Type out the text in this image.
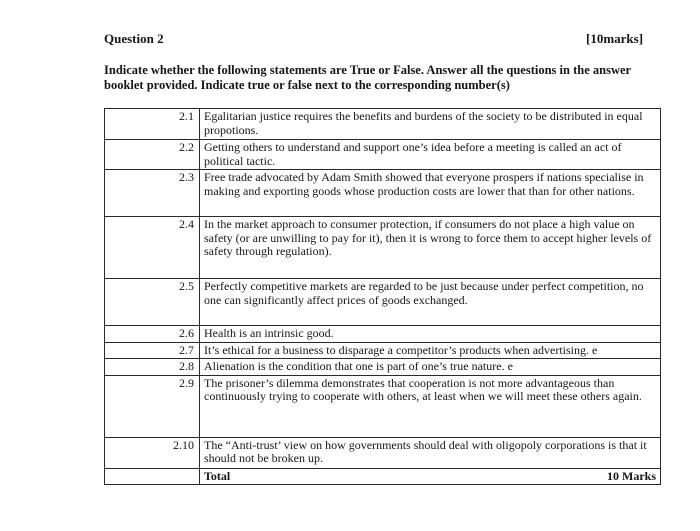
Question 2	[10marks]
Indicate whether the following statements are True or False. Answer all the questions in the answer booklet provided. Indicate true or false next to the corresponding number(s)
2.1	Egalitarian justice requires the benefits and burdens of the society to be distributed in equal propotions.
2.2	Getting others to understand and support one’s idea before a meeting is called an act of political tactic.
2.3	Free trade advocated by Adam Smith showed that everyone prospers if nations specialise in making and exporting goods whose production costs are lower that than for other nations.
2.4	In the market approach to consumer protection, if consumers do not place a high value on safety (or are unwilling to pay for it), then it is wrong to force them to accept higher levels of safety through regulation).
2.5	Perfectly competitive markets are regarded to be just because under perfect competition, no one can significantly affect prices of goods exchanged.
2.6	Health is an intrinsic good.
2.7	It’s ethical for a business to disparage a competitor’s products when advertising. e
2.8	Alienation is the condition that one is part of one’s true nature. e
2.9	The prisoner’s dilemma demonstrates that cooperation is not more advantageous than continuously trying to cooperate with others, at least when we will meet these others again.
2.10	The “Anti-trust’ view on how governments should deal with oligopoly corporations is that it should not be broken up.

	Total 10 Marks
